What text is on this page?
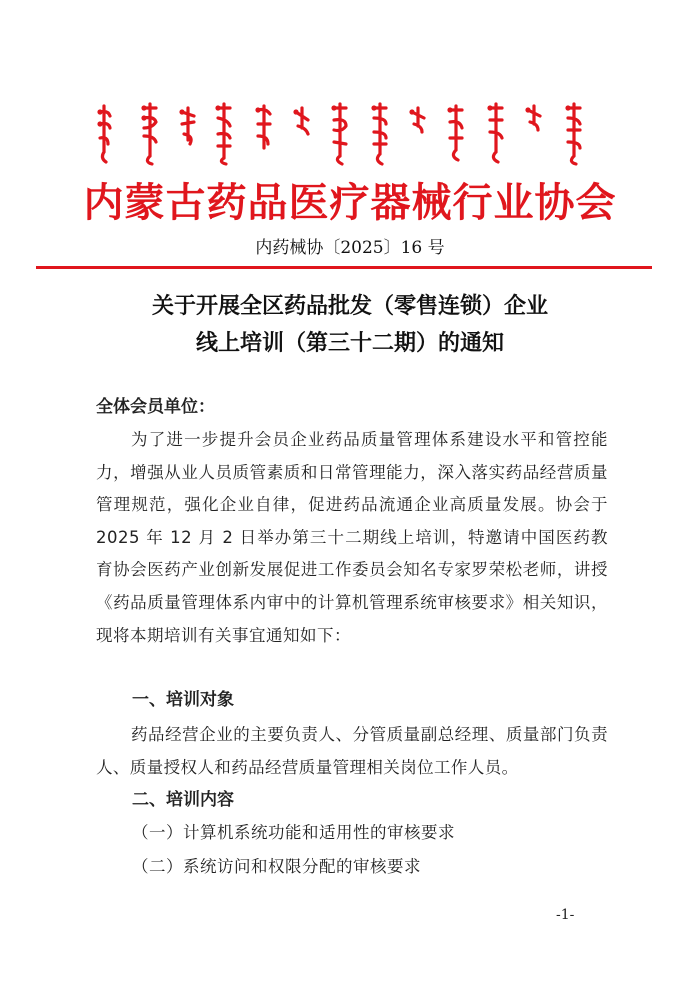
内蒙古药品医疗器械行业协会
内药械协〔2025〕16 号
关于开展全区药品批发（零售连锁）企业
线上培训（第三十二期）的通知
全体会员单位：
为了进一步提升会员企业药品质量管理体系建设水平和管控能力，增强从业人员质管素质和日常管理能力，深入落实药品经营质量管理规范，强化企业自律，促进药品流通企业高质量发展。协会于 2025 年 12 月 2 日举办第三十二期线上培训，特邀请中国医药教育协会医药产业创新发展促进工作委员会知名专家罗荣松老师，讲授《药品质量管理体系内审中的计算机管理系统审核要求》相关知识，现将本期培训有关事宜通知如下：
一、培训对象
药品经营企业的主要负责人、分管质量副总经理、质量部门负责人、质量授权人和药品经营质量管理相关岗位工作人员。
二、培训内容
（一）计算机系统功能和适用性的审核要求
（二）系统访问和权限分配的审核要求
-1-
